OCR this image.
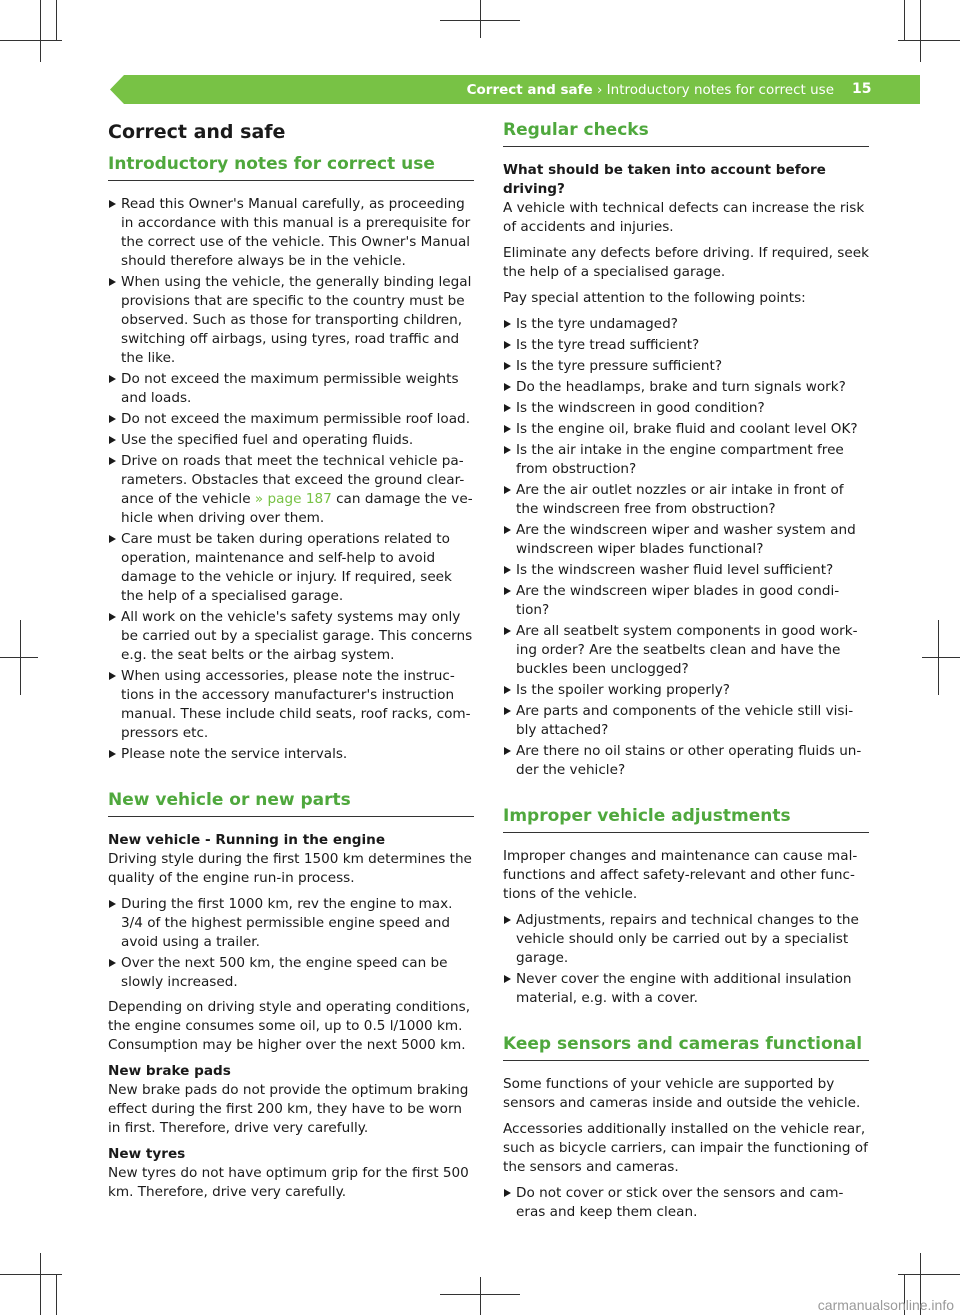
Correct and safe › Introductory notes for correct use 15
Correct and safe
Introductory notes for correct use
Read this Owner's Manual carefully, as proceeding in accordance with this manual is a prerequisite for the correct use of the vehicle. This Owner's Manual should therefore always be in the vehicle.
When using the vehicle, the generally binding legal provisions that are specific to the country must be observed. Such as those for transporting children, switching off airbags, using tyres, road traffic and the like.
Do not exceed the maximum permissible weights and loads.
Do not exceed the maximum permissible roof load.
Use the specified fuel and operating fluids.
Drive on roads that meet the technical vehicle pa-rameters. Obstacles that exceed the ground clear-ance of the vehicle » page 187 can damage the ve-hicle when driving over them.
Care must be taken during operations related to operation, maintenance and self-help to avoid damage to the vehicle or injury. If required, seek the help of a specialised garage.
All work on the vehicle's safety systems may only be carried out by a specialist garage. This concerns e.g. the seat belts or the airbag system.
When using accessories, please note the instruc-tions in the accessory manufacturer's instruction manual. These include child seats, roof racks, com-pressors etc.
Please note the service intervals.
New vehicle or new parts

New vehicle - Running in the engine
Driving style during the first 1500 km determines the quality of the engine run-in process.

During the first 1000 km, rev the engine to max. 3/4 of the highest permissible engine speed and avoid using a trailer.
Over the next 500 km, the engine speed can be slowly increased.

Depending on driving style and operating conditions, the engine consumes some oil, up to 0.5 l/1000 km. Consumption may be higher over the next 5000 km.

New brake pads
New brake pads do not provide the optimum braking effect during the first 200 km, they have to be worn in first. Therefore, drive very carefully.

New tyres
New tyres do not have optimum grip for the first 500 km. Therefore, drive very carefully.

Regular checks

What should be taken into account before driving?
A vehicle with technical defects can increase the risk of accidents and injuries.

Eliminate any defects before driving. If required, seek the help of a specialised garage.

Pay special attention to the following points:

Is the tyre undamaged?
Is the tyre tread sufficient?
Is the tyre pressure sufficient?
Do the headlamps, brake and turn signals work?
Is the windscreen in good condition?
Is the engine oil, brake fluid and coolant level OK?
Is the air intake in the engine compartment free from obstruction?
Are the air outlet nozzles or air intake in front of the windscreen free from obstruction?
Are the windscreen wiper and washer system and windscreen wiper blades functional?
Is the windscreen washer fluid level sufficient?
Are the windscreen wiper blades in good condi-tion?
Are all seatbelt system components in good work-ing order? Are the seatbelts clean and have the buckles been unclogged?
Is the spoiler working properly?
Are parts and components of the vehicle still visi-bly attached?
Are there no oil stains or other operating fluids un-der the vehicle?
Improper vehicle adjustments

Improper changes and maintenance can cause mal-functions and affect safety-relevant and other func-tions of the vehicle.

Adjustments, repairs and technical changes to the vehicle should only be carried out by a specialist garage.
Never cover the engine with additional insulation material, e.g. with a cover.
Keep sensors and cameras functional

Some functions of your vehicle are supported by sensors and cameras inside and outside the vehicle.

Accessories additionally installed on the vehicle rear, such as bicycle carriers, can impair the functioning of the sensors and cameras.

Do not cover or stick over the sensors and cam-eras and keep them clean.
carmanualsonline.info
